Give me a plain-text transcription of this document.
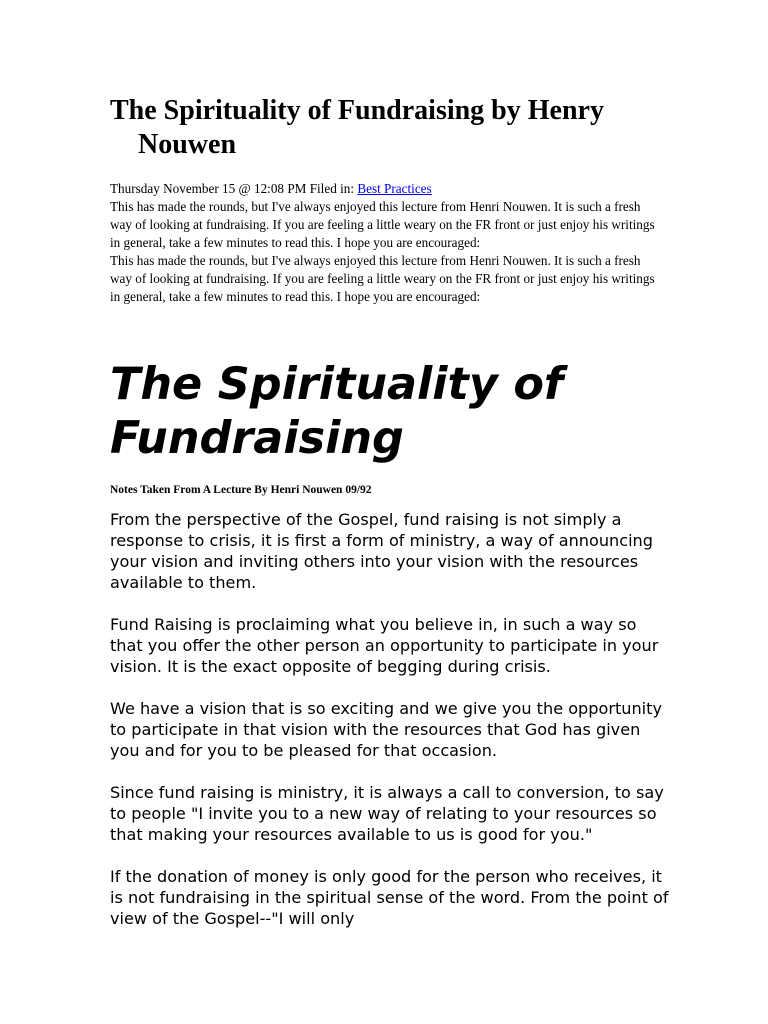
The Spirituality of Fundraising by Henry Nouwen

Thursday November 15 @ 12:08 PM Filed in: Best Practices

This has made the rounds, but I've always enjoyed this lecture from Henri Nouwen. It is such a fresh way of looking at fundraising. If you are feeling a little weary on the FR front or just enjoy his writings in general, take a few minutes to read this. I hope you are encouraged:

This has made the rounds, but I've always enjoyed this lecture from Henri Nouwen. It is such a fresh way of looking at fundraising. If you are feeling a little weary on the FR front or just enjoy his writings in general, take a few minutes to read this. I hope you are encouraged:

The Spirituality of Fundraising

Notes Taken From A Lecture By Henri Nouwen 09/92

From the perspective of the Gospel, fund raising is not simply a response to crisis, it is first a form of ministry, a way of announcing your vision and inviting others into your vision with the resources available to them.

Fund Raising is proclaiming what you believe in, in such a way so that you offer the other person an opportunity to participate in your vision. It is the exact opposite of begging during crisis.

We have a vision that is so exciting and we give you the opportunity to participate in that vision with the resources that God has given you and for you to be pleased for that occasion.

Since fund raising is ministry, it is always a call to conversion, to say to people "I invite you to a new way of relating to your resources so that making your resources available to us is good for you."

If the donation of money is only good for the person who receives, it is not fundraising in the spiritual sense of the word. From the point of view of the Gospel--"I will only
